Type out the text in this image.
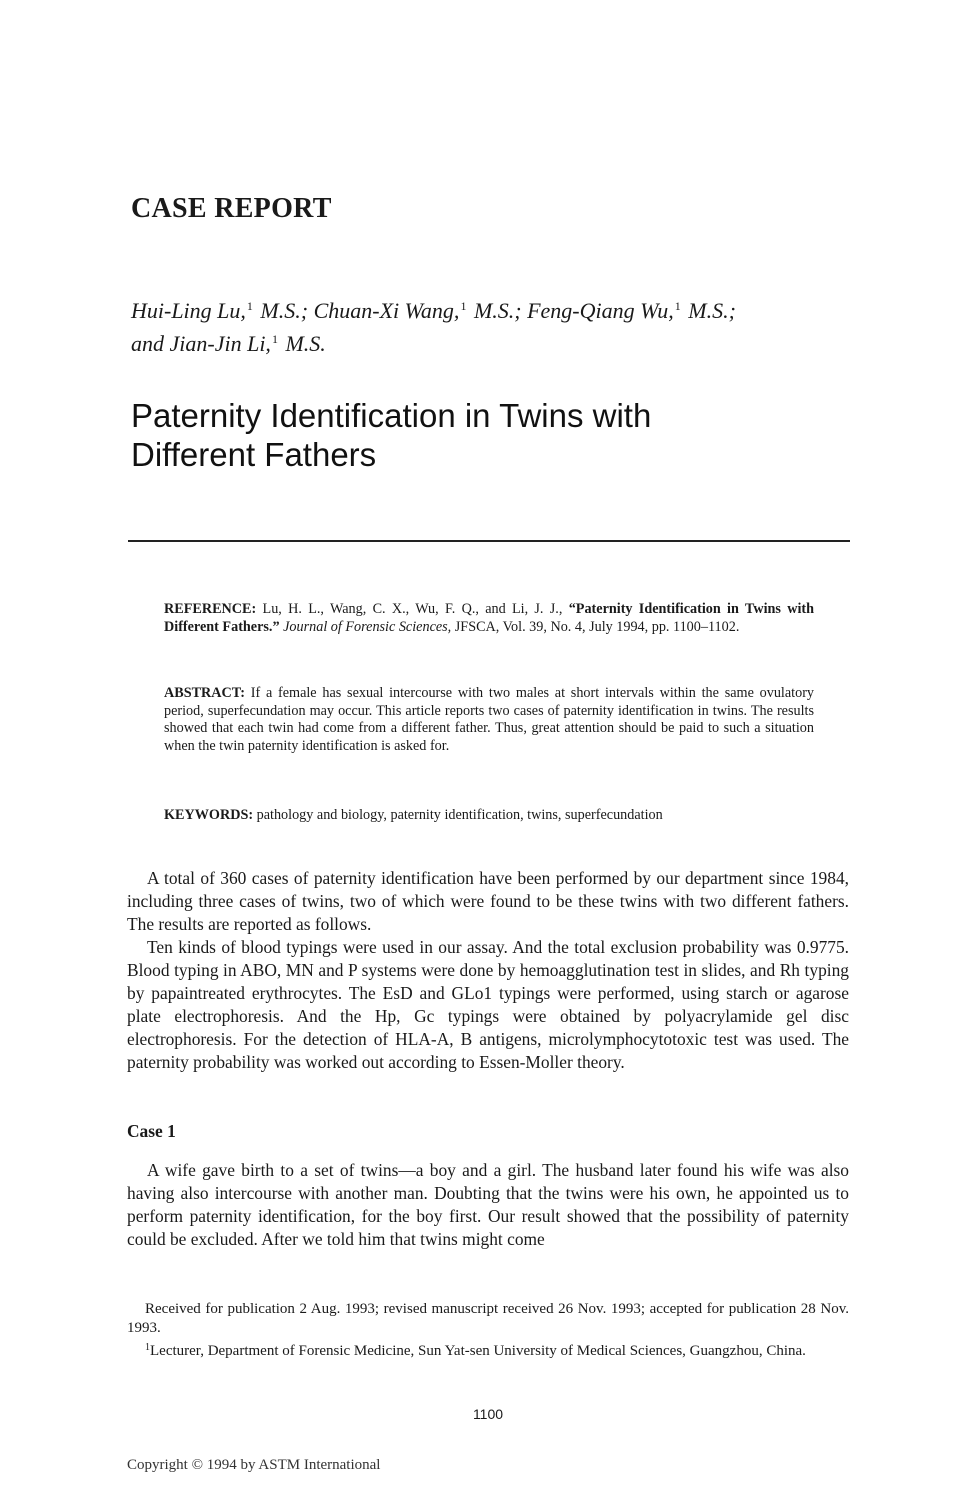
CASE REPORT
Hui-Ling Lu,$^1$ M.S.; Chuan-Xi Wang,$^1$ M.S.; Feng-Qiang Wu,$^1$ M.S.;
and Jian-Jin Li,$^1$ M.S.
Paternity Identification in Twins with
Different Fathers
REFERENCE: Lu, H. L., Wang, C. X., Wu, F. Q., and Li, J. J., “Paternity Identification in Twins with Different Fathers.” Journal of Forensic Sciences, JFSCA, Vol. 39, No. 4, July 1994, pp. 1100–1102.
ABSTRACT: If a female has sexual intercourse with two males at short intervals within the same ovulatory period, superfecundation may occur. This article reports two cases of paternity identification in twins. The results showed that each twin had come from a different father. Thus, great attention should be paid to such a situation when the twin paternity identification is asked for.
KEYWORDS: pathology and biology, paternity identification, twins, superfecundation

A total of 360 cases of paternity identification have been performed by our department since 1984, including three cases of twins, two of which were found to be these twins with two different fathers. The results are reported as follows.

Ten kinds of blood typings were used in our assay. And the total exclusion probability was 0.9775. Blood typing in ABO, MN and P systems were done by hemoagglutination test in slides, and Rh typing by papaintreated erythrocytes. The EsD and GLo1 typings were performed, using starch or agarose plate electrophoresis. And the Hp, Gc typings were obtained by polyacrylamide gel disc electrophoresis. For the detection of HLA-A, B antigens, microlymphocytotoxic test was used. The paternity probability was worked out according to Essen-Moller theory.

Case 1

A wife gave birth to a set of twins—a boy and a girl. The husband later found his wife was also having also intercourse with another man. Doubting that the twins were his own, he appointed us to perform paternity identification, for the boy first. Our result showed that the possibility of paternity could be excluded. After we told him that twins might come

Received for publication 2 Aug. 1993; revised manuscript received 26 Nov. 1993; accepted for publication 28 Nov. 1993.

$^1$Lecturer, Department of Forensic Medicine, Sun Yat-sen University of Medical Sciences, Guangzhou, China.

1100
Copyright © 1994 by ASTM International
